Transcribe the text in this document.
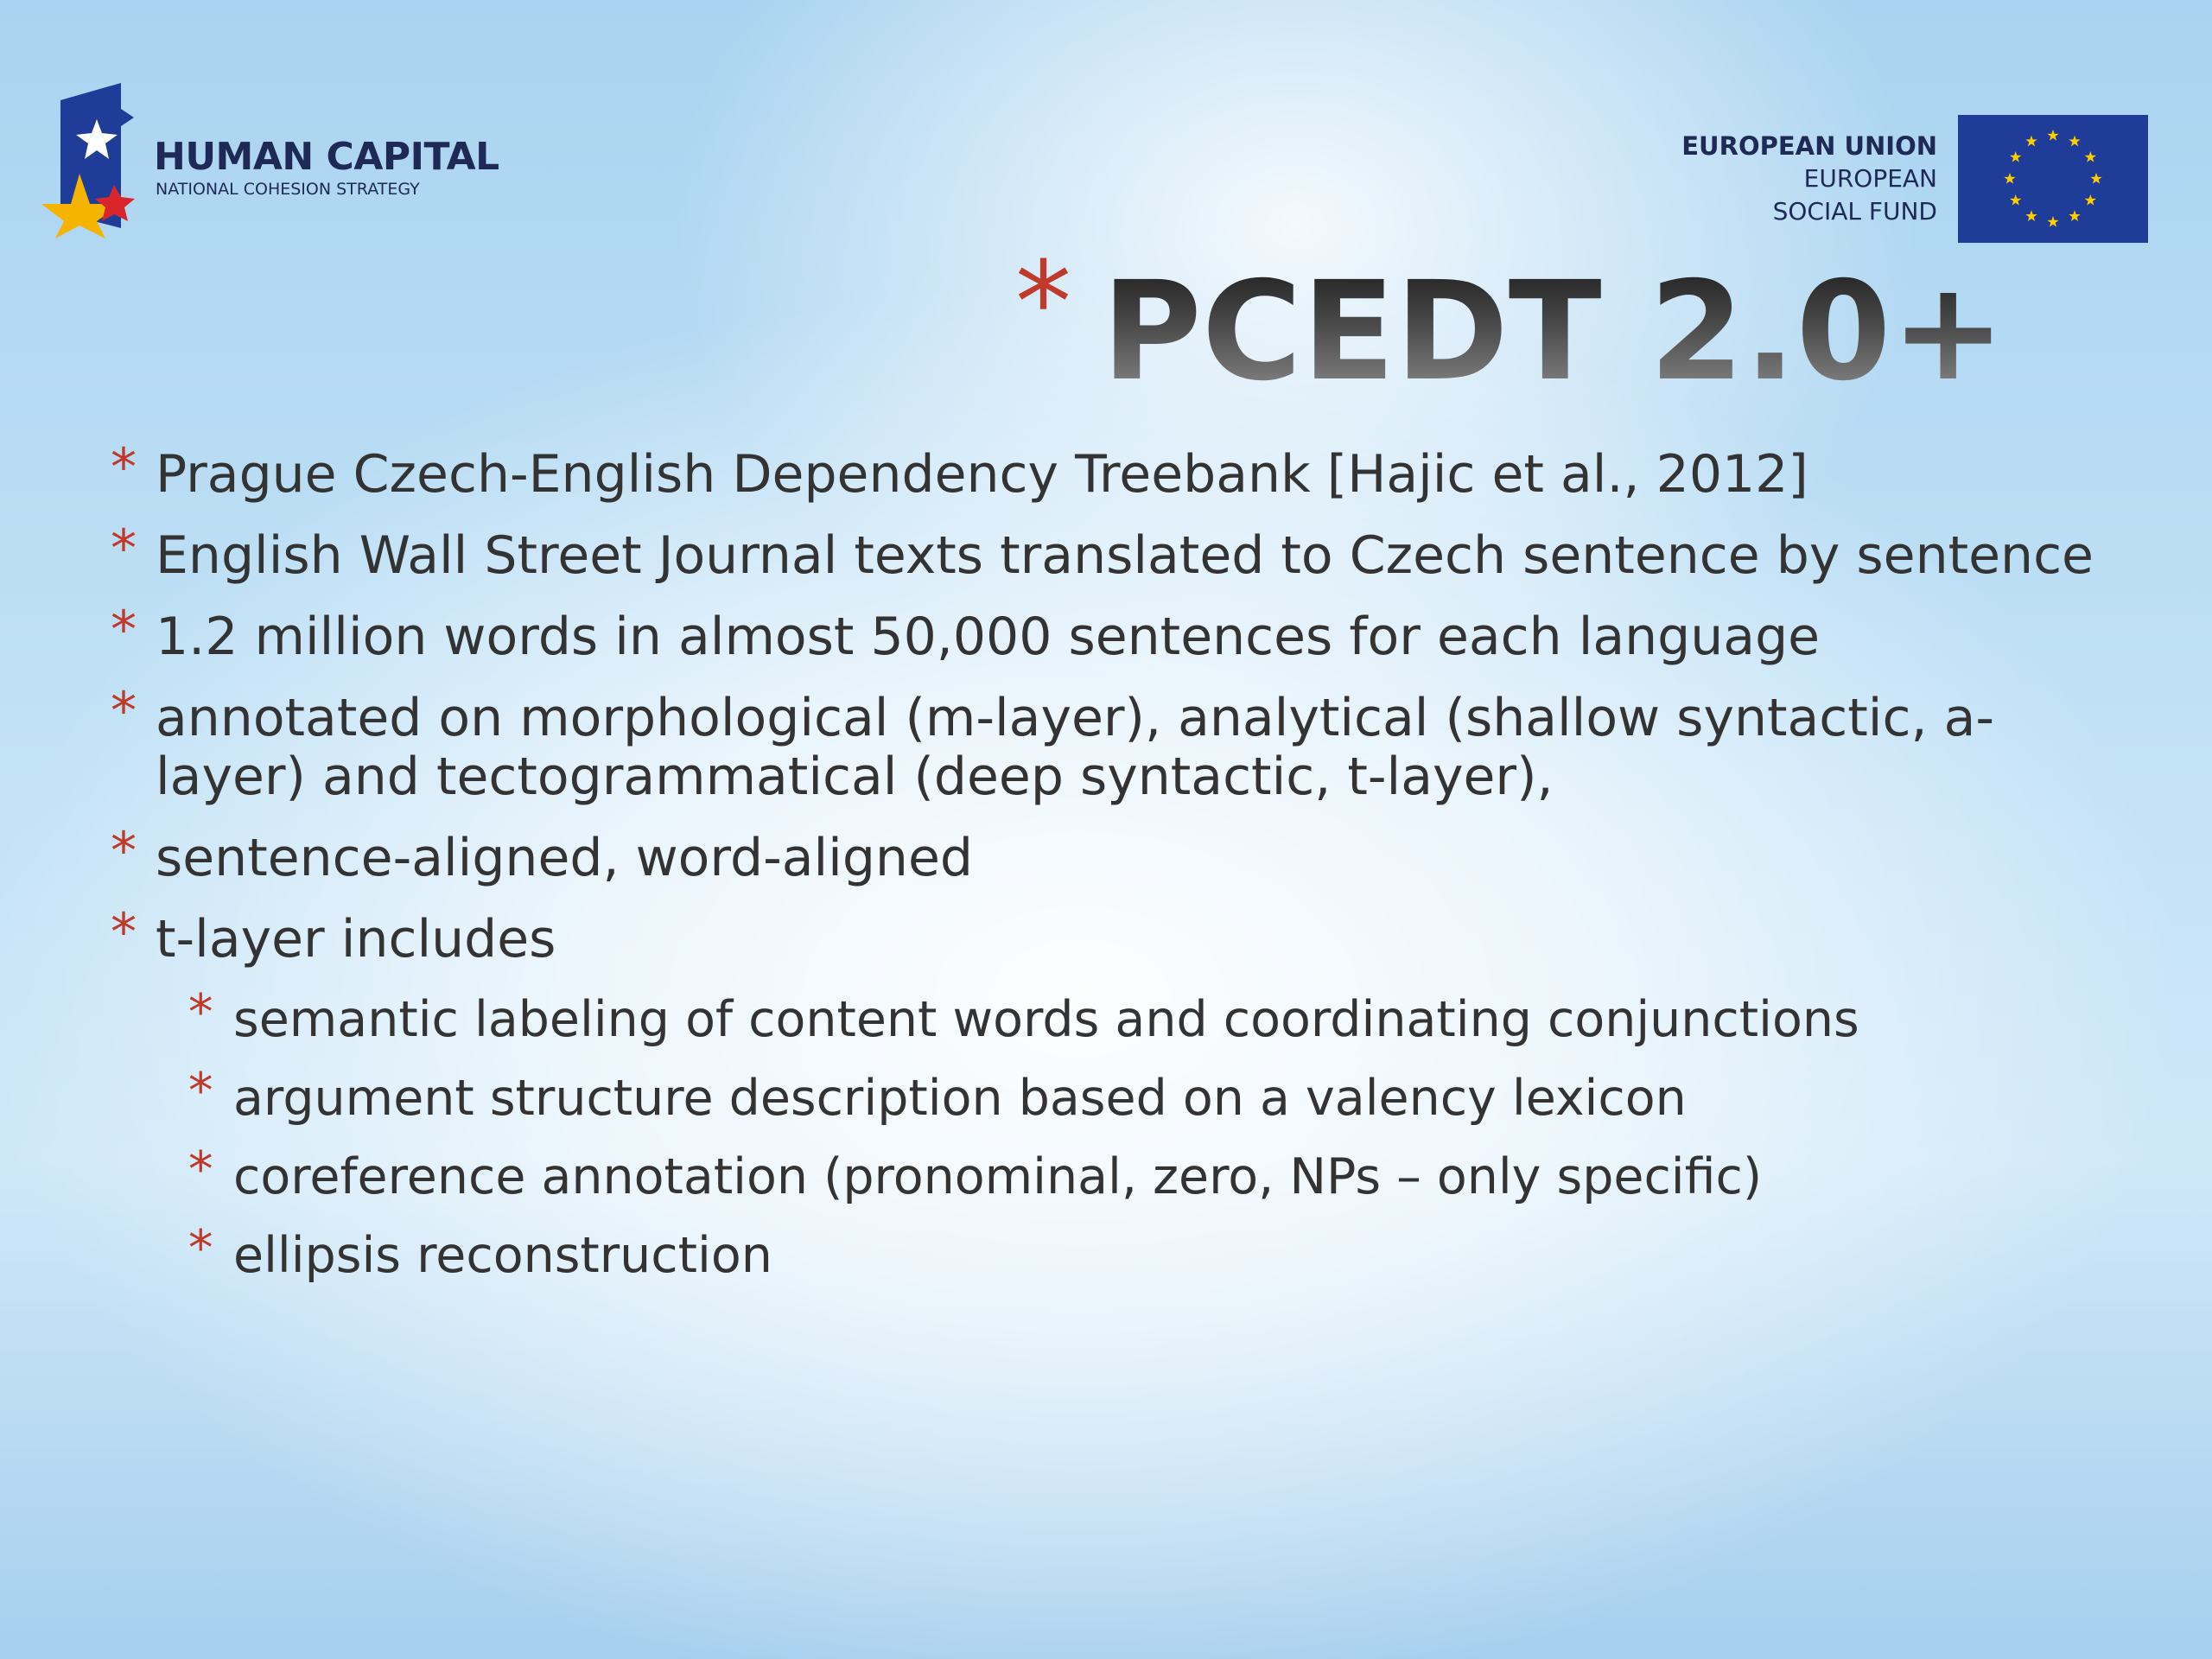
HUMAN CAPITAL
NATIONAL COHESION STRATEGY
EUROPEAN UNION
EUROPEAN
SOCIAL FUND
* PCEDT 2.0+
* Prague Czech-English Dependency Treebank [Hajic et al., 2012]
* English Wall Street Journal texts translated to Czech sentence by sentence
* 1.2 million words in almost 50,000 sentences for each language
* annotated on morphological (m-layer), analytical (shallow syntactic, a-layer) and tectogrammatical (deep syntactic, t-layer),
* sentence-aligned, word-aligned
* t-layer includes
* semantic labeling of content words and coordinating conjunctions
* argument structure description based on a valency lexicon
* coreference annotation (pronominal, zero, NPs – only specific)
* ellipsis reconstruction
